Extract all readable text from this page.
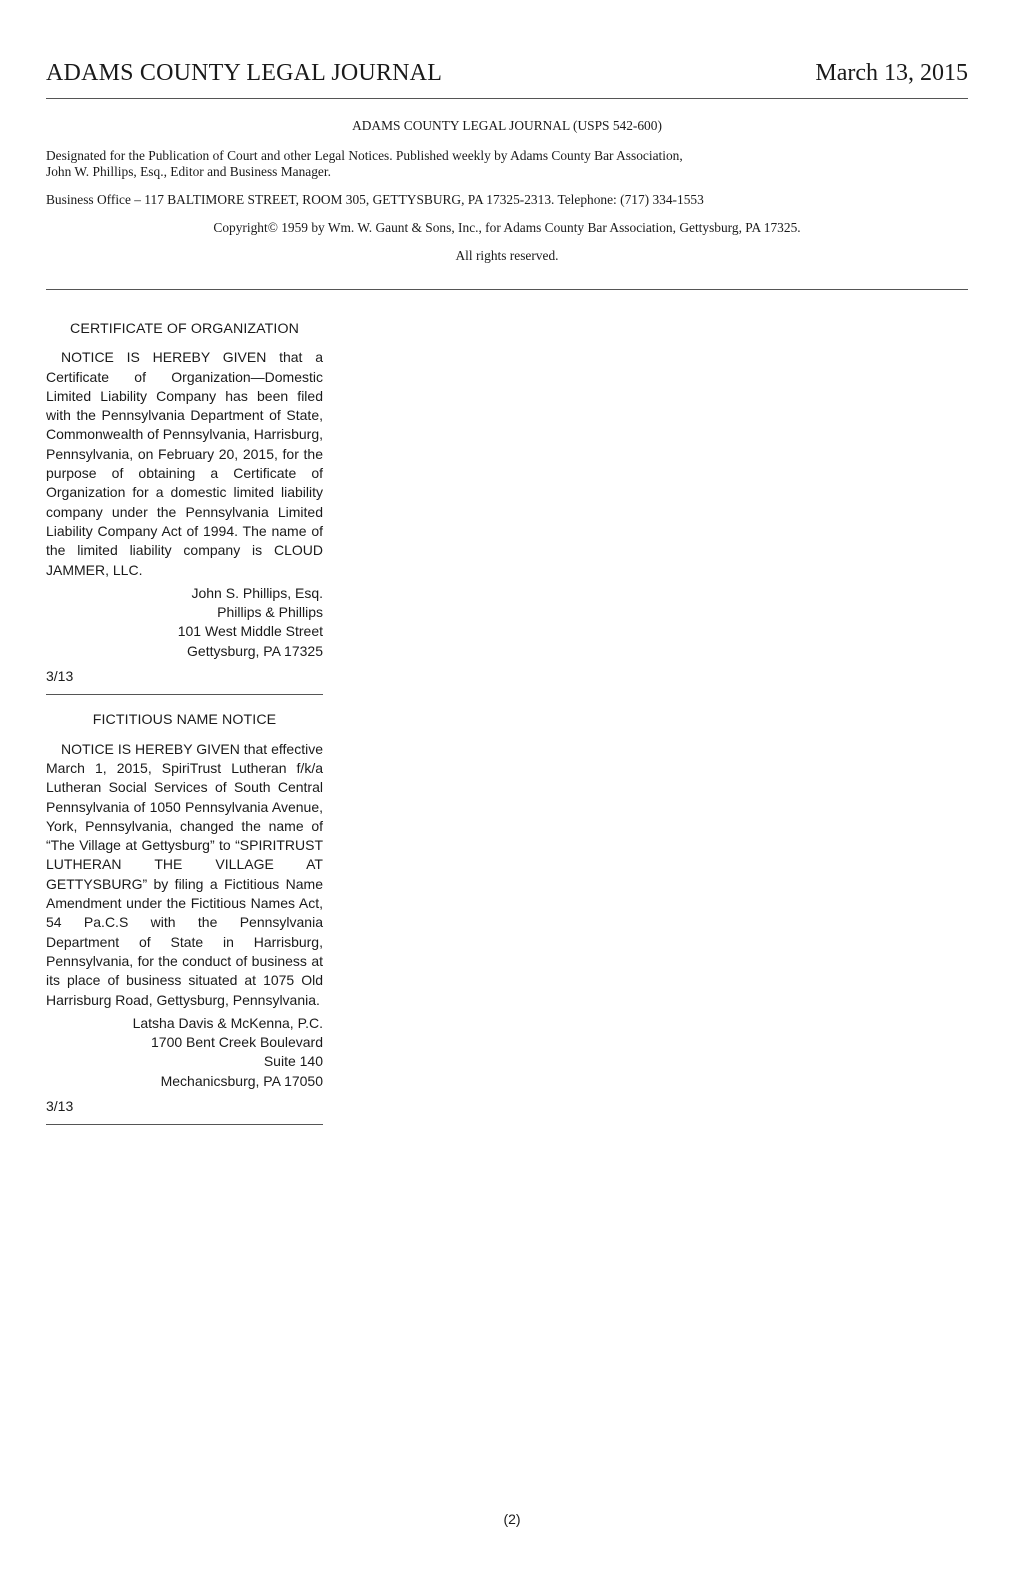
ADAMS COUNTY LEGAL JOURNAL	March 13, 2015
ADAMS COUNTY LEGAL JOURNAL (USPS 542-600)
Designated for the Publication of Court and other Legal Notices. Published weekly by Adams County Bar Association,
John W. Phillips, Esq., Editor and Business Manager.
Business Office – 117 BALTIMORE STREET, ROOM 305, GETTYSBURG, PA 17325-2313. Telephone: (717) 334-1553
Copyright© 1959 by Wm. W. Gaunt & Sons, Inc., for Adams County Bar Association, Gettysburg, PA 17325.
All rights reserved.
CERTIFICATE OF ORGANIZATION

NOTICE IS HEREBY GIVEN that a Certificate of Organization—Domestic Limited Liability Company has been filed with the Pennsylvania Department of State, Commonwealth of Pennsylvania, Harrisburg, Pennsylvania, on February 20, 2015, for the purpose of obtaining a Certificate of Organization for a domestic limited liability company under the Pennsylvania Limited Liability Company Act of 1994. The name of the limited liability company is CLOUD JAMMER, LLC.

John S. Phillips, Esq.
Phillips & Phillips
101 West Middle Street
Gettysburg, PA 17325
3/13
FICTITIOUS NAME NOTICE

NOTICE IS HEREBY GIVEN that effective March 1, 2015, SpiriTrust Lutheran f/k/a Lutheran Social Services of South Central Pennsylvania of 1050 Pennsylvania Avenue, York, Pennsylvania, changed the name of “The Village at Gettysburg” to “SPIRITRUST LUTHERAN THE VILLAGE AT GETTYSBURG” by filing a Fictitious Name Amendment under the Fictitious Names Act, 54 Pa.C.S with the Pennsylvania Department of State in Harrisburg, Pennsylvania, for the conduct of business at its place of business situated at 1075 Old Harrisburg Road, Gettysburg, Pennsylvania.

Latsha Davis & McKenna, P.C.
1700 Bent Creek Boulevard
Suite 140
Mechanicsburg, PA 17050
3/13
(2)
